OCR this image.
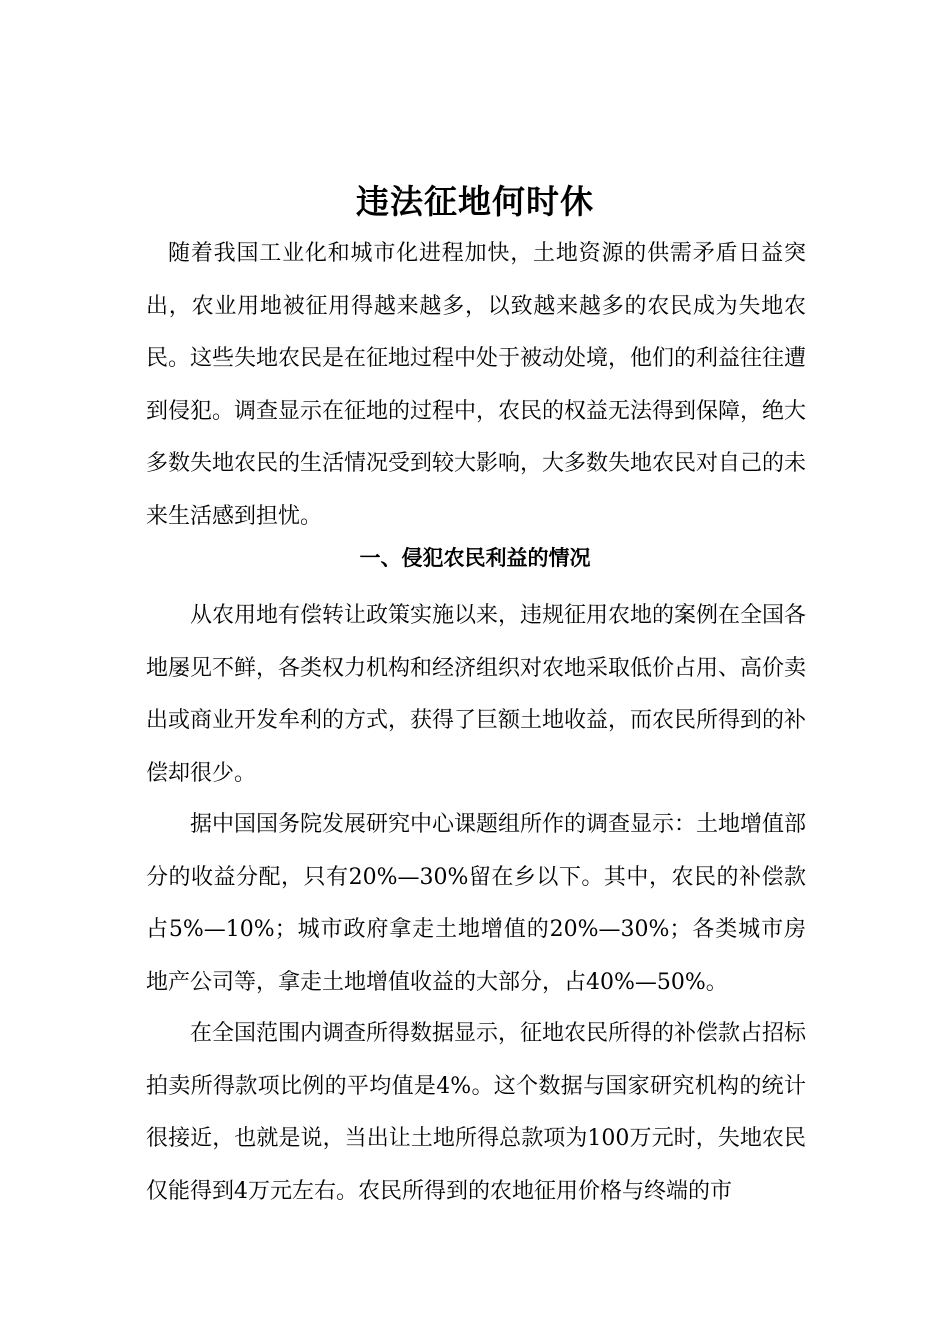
违法征地何时休

随着我国工业化和城市化进程加快，土地资源的供需矛盾日益突出，农业用地被征用得越来越多，以致越来越多的农民成为失地农民。这些失地农民是在征地过程中处于被动处境，他们的利益往往遭到侵犯。调查显示在征地的过程中，农民的权益无法得到保障，绝大多数失地农民的生活情况受到较大影响，大多数失地农民对自己的未来生活感到担忧。

一、侵犯农民利益的情况

从农用地有偿转让政策实施以来，违规征用农地的案例在全国各地屡见不鲜，各类权力机构和经济组织对农地采取低价占用、高价卖出或商业开发牟利的方式，获得了巨额土地收益，而农民所得到的补偿却很少。

据中国国务院发展研究中心课题组所作的调查显示：土地增值部分的收益分配，只有20%—30%留在乡以下。其中，农民的补偿款占5%—10%；城市政府拿走土地增值的20%—30%；各类城市房地产公司等，拿走土地增值收益的大部分，占40%—50%。

在全国范围内调查所得数据显示，征地农民所得的补偿款占招标拍卖所得款项比例的平均值是4%。这个数据与国家研究机构的统计很接近，也就是说，当出让土地所得总款项为100万元时，失地农民仅能得到4万元左右。农民所得到的农地征用价格与终端的市
